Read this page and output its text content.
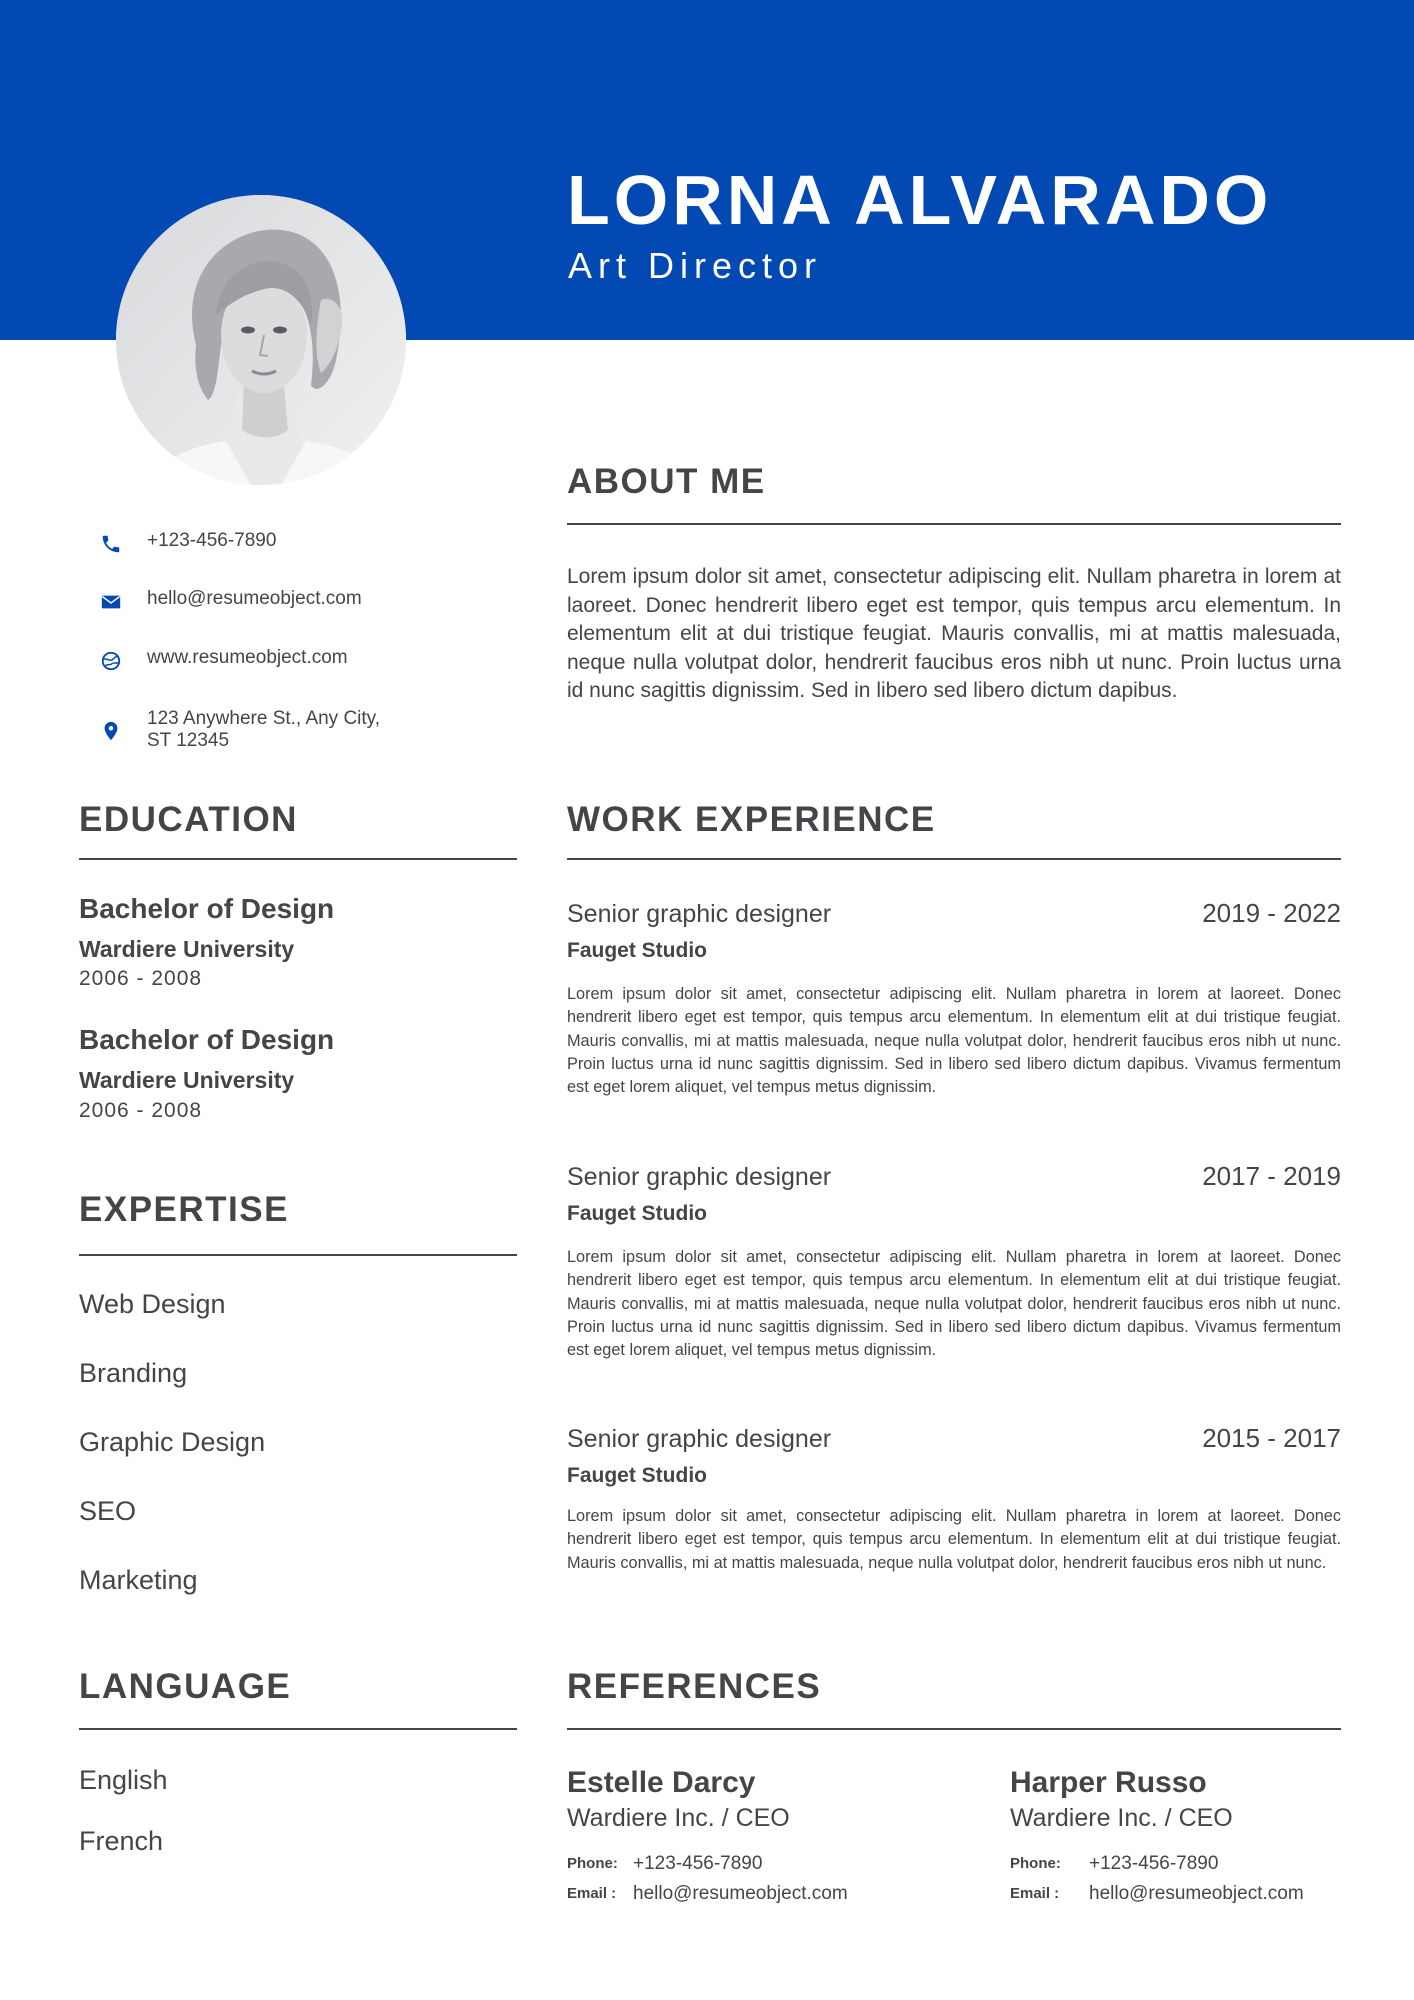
LORNA ALVARADO
Art Director
+123-456-7890
hello@resumeobject.com
www.resumeobject.com
123 Anywhere St., Any City,
ST 12345
ABOUT ME
Lorem ipsum dolor sit amet, consectetur adipiscing elit. Nullam pharetra in lorem at laoreet. Donec hendrerit libero eget est tempor, quis tempus arcu elementum. In elementum elit at dui tristique feugiat. Mauris convallis, mi at mattis malesuada, neque nulla volutpat dolor, hendrerit faucibus eros nibh ut nunc. Proin luctus urna id nunc sagittis dignissim. Sed in libero sed libero dictum dapibus.
EDUCATION
Bachelor of Design
Wardiere University
2006 - 2008
Bachelor of Design
Wardiere University
2006 - 2008
EXPERTISE
Web Design
Branding
Graphic Design
SEO
Marketing
LANGUAGE
English
French
WORK EXPERIENCE
Senior graphic designer	2019 - 2022
Fauget Studio
Lorem ipsum dolor sit amet, consectetur adipiscing elit. Nullam pharetra in lorem at laoreet. Donec hendrerit libero eget est tempor, quis tempus arcu elementum. In elementum elit at dui tristique feugiat. Mauris convallis, mi at mattis malesuada, neque nulla volutpat dolor, hendrerit faucibus eros nibh ut nunc. Proin luctus urna id nunc sagittis dignissim. Sed in libero sed libero dictum dapibus. Vivamus fermentum est eget lorem aliquet, vel tempus metus dignissim.
Senior graphic designer	2017 - 2019
Fauget Studio
Lorem ipsum dolor sit amet, consectetur adipiscing elit. Nullam pharetra in lorem at laoreet. Donec hendrerit libero eget est tempor, quis tempus arcu elementum. In elementum elit at dui tristique feugiat. Mauris convallis, mi at mattis malesuada, neque nulla volutpat dolor, hendrerit faucibus eros nibh ut nunc. Proin luctus urna id nunc sagittis dignissim. Sed in libero sed libero dictum dapibus. Vivamus fermentum est eget lorem aliquet, vel tempus metus dignissim.
Senior graphic designer	2015 - 2017
Fauget Studio
Lorem ipsum dolor sit amet, consectetur adipiscing elit. Nullam pharetra in lorem at laoreet. Donec hendrerit libero eget est tempor, quis tempus arcu elementum. In elementum elit at dui tristique feugiat. Mauris convallis, mi at mattis malesuada, neque nulla volutpat dolor, hendrerit faucibus eros nibh ut nunc.
REFERENCES
Estelle Darcy
Wardiere Inc. / CEO
Phone: +123-456-7890
Email : hello@resumeobject.com
Harper Russo
Wardiere Inc. / CEO
Phone: +123-456-7890
Email : hello@resumeobject.com
